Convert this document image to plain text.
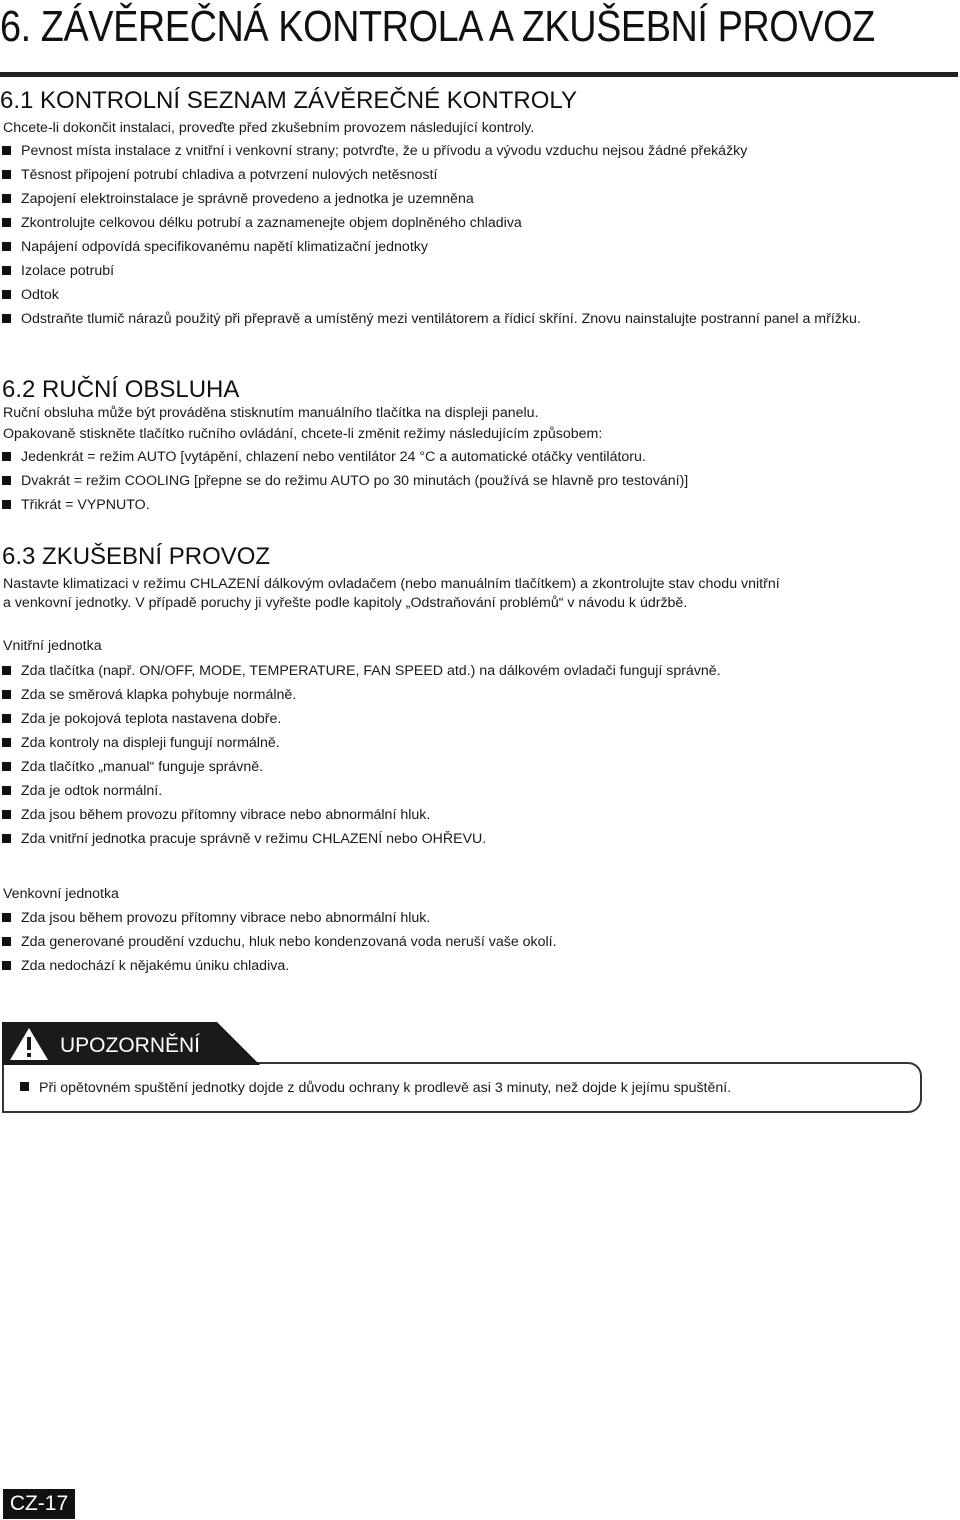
6. ZÁVĚREČNÁ KONTROLA A ZKUŠEBNÍ PROVOZ
6.1 KONTROLNÍ SEZNAM ZÁVĚREČNÉ KONTROLY

Chcete-li dokončit instalaci, proveďte před zkušebním provozem následující kontroly.

Pevnost místa instalace z vnitřní i venkovní strany; potvrďte, že u přívodu a vývodu vzduchu nejsou žádné překážky
Těsnost připojení potrubí chladiva a potvrzení nulových netěsností
Zapojení elektroinstalace je správně provedeno a jednotka je uzemněna
Zkontrolujte celkovou délku potrubí a zaznamenejte objem doplněného chladiva
Napájení odpovídá specifikovanému napětí klimatizační jednotky
Izolace potrubí
Odtok
Odstraňte tlumič nárazů použitý při přepravě a umístěný mezi ventilátorem a řídicí skříní. Znovu nainstalujte postranní panel a mřížku.
6.2 RUČNÍ OBSLUHA

Ruční obsluha může být prováděna stisknutím manuálního tlačítka na displeji panelu.

Opakovaně stiskněte tlačítko ručního ovládání, chcete-li změnit režimy následujícím způsobem:

Jedenkrát = režim AUTO [vytápění, chlazení nebo ventilátor 24 °C a automatické otáčky ventilátoru.
Dvakrát = režim COOLING [přepne se do režimu AUTO po 30 minutách (používá se hlavně pro testování)]
Třikrát = VYPNUTO.
6.3 ZKUŠEBNÍ PROVOZ

Nastavte klimatizaci v režimu CHLAZENÍ dálkovým ovladačem (nebo manuálním tlačítkem) a zkontrolujte stav chodu vnitřní

a venkovní jednotky. V případě poruchy ji vyřešte podle kapitoly „Odstraňování problémů“ v návodu k údržbě.

Vnitřní jednotka

Zda tlačítka (např. ON/OFF, MODE, TEMPERATURE, FAN SPEED atd.) na dálkovém ovladači fungují správně.
Zda se směrová klapka pohybuje normálně.
Zda je pokojová teplota nastavena dobře.
Zda kontroly na displeji fungují normálně.
Zda tlačítko „manual“ funguje správně.
Zda je odtok normální.
Zda jsou během provozu přítomny vibrace nebo abnormální hluk.
Zda vnitřní jednotka pracuje správně v režimu CHLAZENÍ nebo OHŘEVU.

Venkovní jednotka

Zda jsou během provozu přítomny vibrace nebo abnormální hluk.
Zda generované proudění vzduchu, hluk nebo kondenzovaná voda neruší vaše okolí.
Zda nedochází k nějakému úniku chladiva.

UPOZORNĚNÍ

Při opětovném spuštění jednotky dojde z důvodu ochrany k prodlevě asi 3 minuty, než dojde k jejímu spuštění.

CZ-17
